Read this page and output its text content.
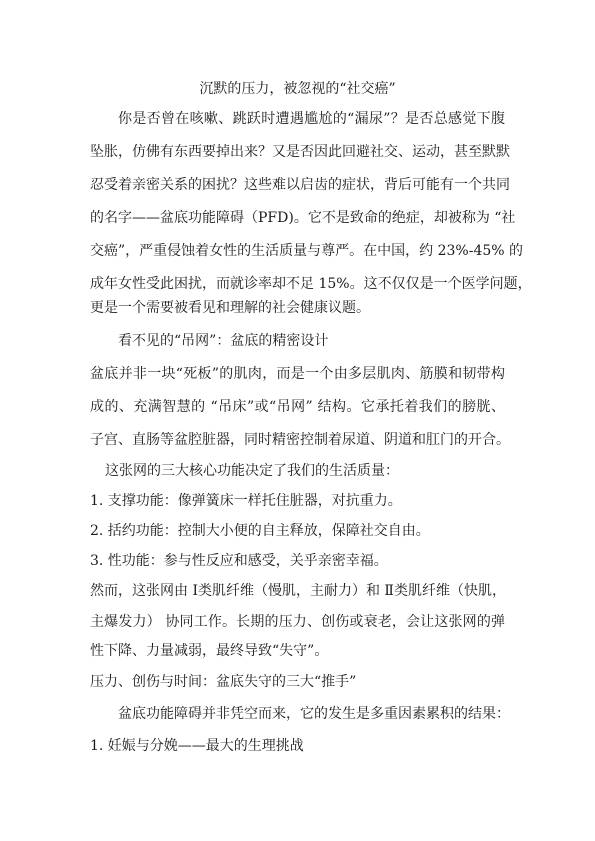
沉默的压力，被忽视的“社交癌”
你是否曾在咳嗽、跳跃时遭遇尴尬的“漏尿”？是否总感觉下腹
坠胀，仿佛有东西要掉出来？又是否因此回避社交、运动，甚至默默
忍受着亲密关系的困扰？这些难以启齿的症状，背后可能有一个共同
的名字——盆底功能障碍（PFD)。它不是致命的绝症，却被称为 “社
交癌”，严重侵蚀着女性的生活质量与尊严。在中国，约 23%-45% 的
成年女性受此困扰，而就诊率却不足 15%。这不仅仅是一个医学问题，
更是一个需要被看见和理解的社会健康议题。
看不见的“吊网”：盆底的精密设计
盆底并非一块“死板”的肌肉，而是一个由多层肌肉、筋膜和韧带构
成的、充满智慧的 “吊床”或“吊网” 结构。它承托着我们的膀胱、
子宫、直肠等盆腔脏器，同时精密控制着尿道、阴道和肛门的开合。
这张网的三大核心功能决定了我们的生活质量：
1. 支撑功能：像弹簧床一样托住脏器，对抗重力。
2. 括约功能：控制大小便的自主释放，保障社交自由。
3. 性功能：参与性反应和感受，关乎亲密幸福。
然而，这张网由 Ⅰ类肌纤维（慢肌，主耐力）和 Ⅱ类肌纤维（快肌，
主爆发力） 协同工作。长期的压力、创伤或衰老，会让这张网的弹
性下降、力量减弱，最终导致“失守”。
压力、创伤与时间：盆底失守的三大“推手”
盆底功能障碍并非凭空而来，它的发生是多重因素累积的结果：
1. 妊娠与分娩——最大的生理挑战
